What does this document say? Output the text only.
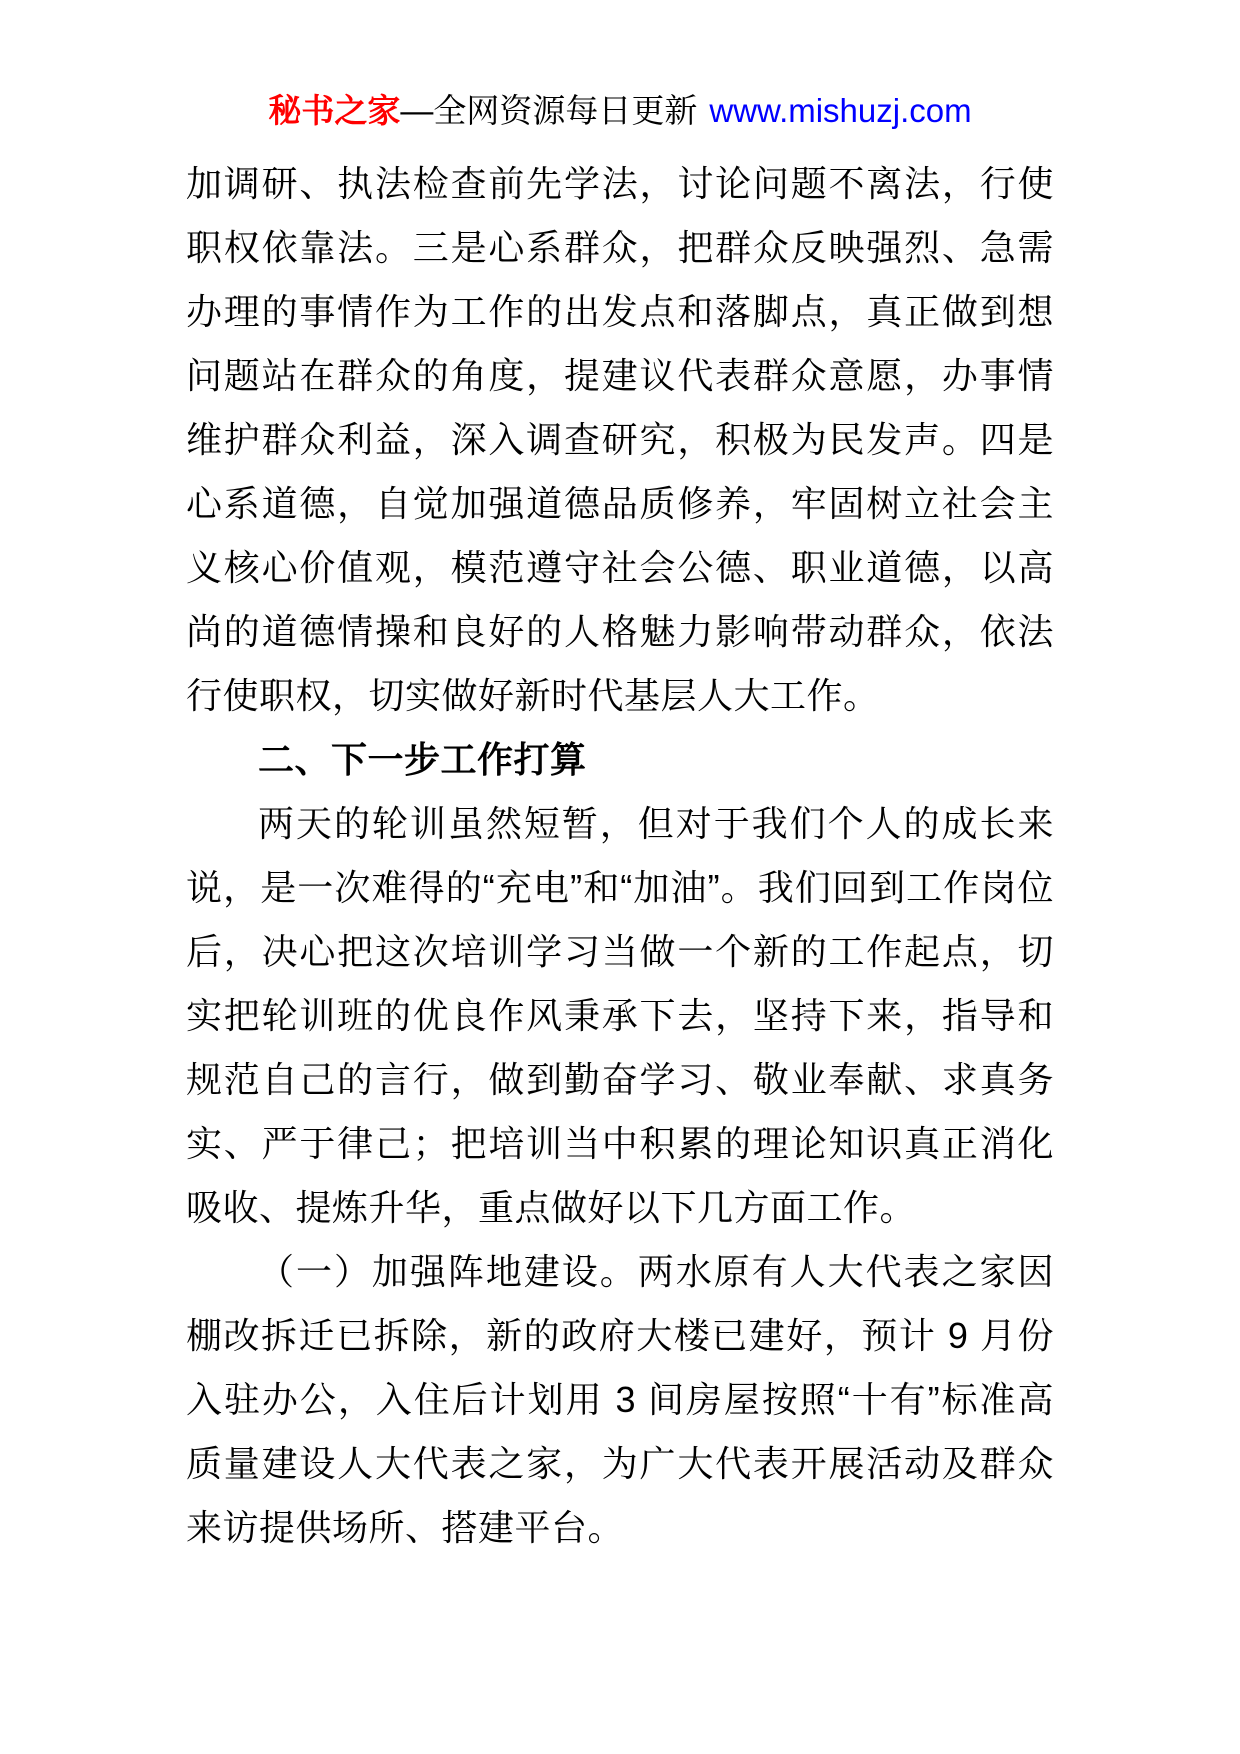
秘书之家—全网资源每日更新 www.mishuzj.com

加调研、执法检查前先学法，讨论问题不离法，行使职权依靠法。三是心系群众，把群众反映强烈、急需办理的事情作为工作的出发点和落脚点，真正做到想问题站在群众的角度，提建议代表群众意愿，办事情维护群众利益，深入调查研究，积极为民发声。四是心系道德，自觉加强道德品质修养，牢固树立社会主义核心价值观，模范遵守社会公德、职业道德，以高尚的道德情操和良好的人格魅力影响带动群众，依法行使职权，切实做好新时代基层人大工作。

二、下一步工作打算

两天的轮训虽然短暂，但对于我们个人的成长来说，是一次难得的“充电”和“加油”。我们回到工作岗位后，决心把这次培训学习当做一个新的工作起点，切实把轮训班的优良作风秉承下去，坚持下来，指导和规范自己的言行，做到勤奋学习、敬业奉献、求真务实、严于律己；把培训当中积累的理论知识真正消化吸收、提炼升华，重点做好以下几方面工作。

（一）加强阵地建设。两水原有人大代表之家因棚改拆迁已拆除，新的政府大楼已建好，预计 9 月份入驻办公，入住后计划用 3 间房屋按照“十有”标准高质量建设人大代表之家，为广大代表开展活动及群众来访提供场所、搭建平台。
